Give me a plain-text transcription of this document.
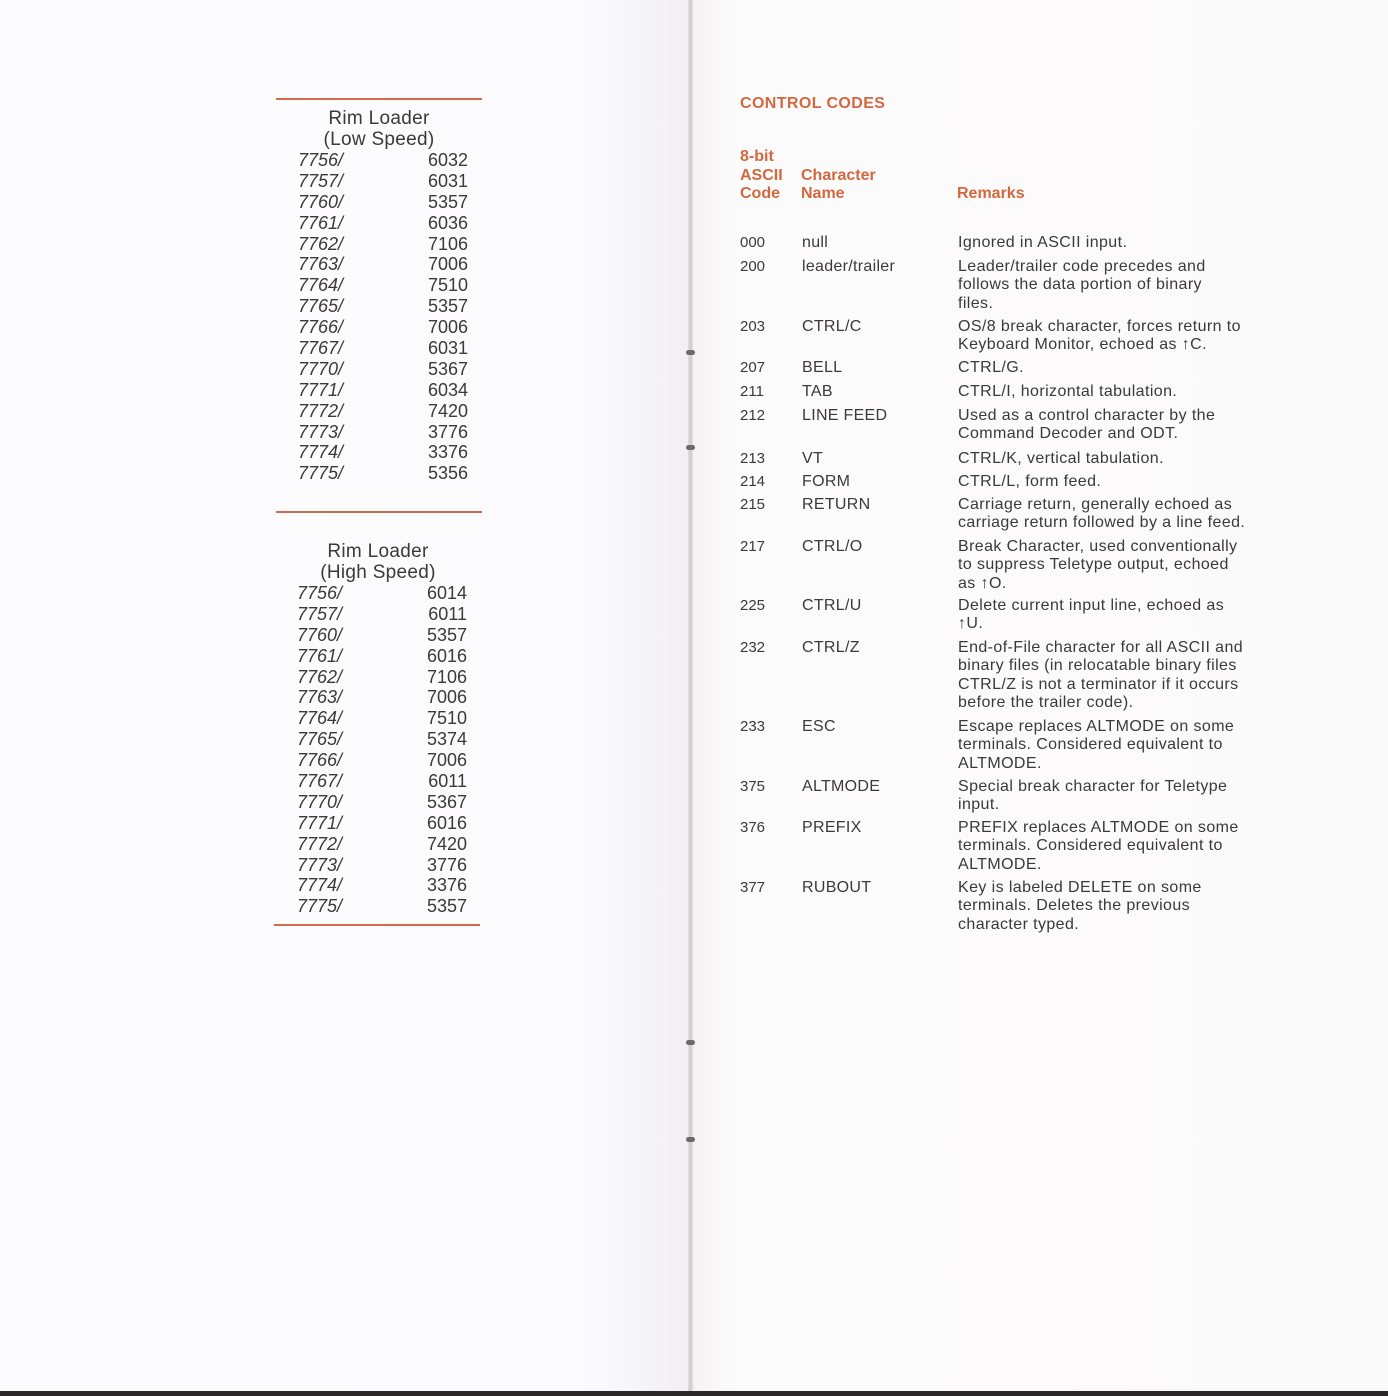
Rim Loader
(Low Speed)
7756/	6032
7757/	6031
7760/	5357
7761/	6036
7762/	7106
7763/	7006
7764/	7510
7765/	5357
7766/	7006
7767/	6031
7770/	5367
7771/	6034
7772/	7420
7773/	3776
7774/	3376
7775/	5356
Rim Loader
(High Speed)
7756/	6014
7757/	6011
7760/	5357
7761/	6016
7762/	7106
7763/	7006
7764/	7510
7765/	5374
7766/	7006
7767/	6011
7770/	5367
7771/	6016
7772/	7420
7773/	3776
7774/	3376
7775/	5357
CONTROL CODES
8-bit
ASCII
Code
Character
Name	Remarks
000 null	Ignored in ASCII input.
200 leader/trailer	Leader/trailer code precedes and
follows the data portion of binary
files.
203 CTRL/C	OS/8 break character, forces return to
Keyboard Monitor, echoed as ↑C.
207 BELL	CTRL/G.
211 TAB	CTRL/I, horizontal tabulation.
212 LINE FEED	Used as a control character by the
Command Decoder and ODT.
213 VT	CTRL/K, vertical tabulation.
214 FORM	CTRL/L, form feed.
215 RETURN	Carriage return, generally echoed as
carriage return followed by a line feed.
217 CTRL/O	Break Character, used conventionally
to suppress Teletype output, echoed
as ↑O.
225 CTRL/U	Delete current input line, echoed as
↑U.
232 CTRL/Z	End-of-File character for all ASCII and
binary files (in relocatable binary files
CTRL/Z is not a terminator if it occurs
before the trailer code).
233 ESC	Escape replaces ALTMODE on some
terminals. Considered equivalent to
ALTMODE.
375 ALTMODE	Special break character for Teletype
input.
376 PREFIX	PREFIX replaces ALTMODE on some
terminals. Considered equivalent to
ALTMODE.
377 RUBOUT	Key is labeled DELETE on some
terminals. Deletes the previous
character typed.
